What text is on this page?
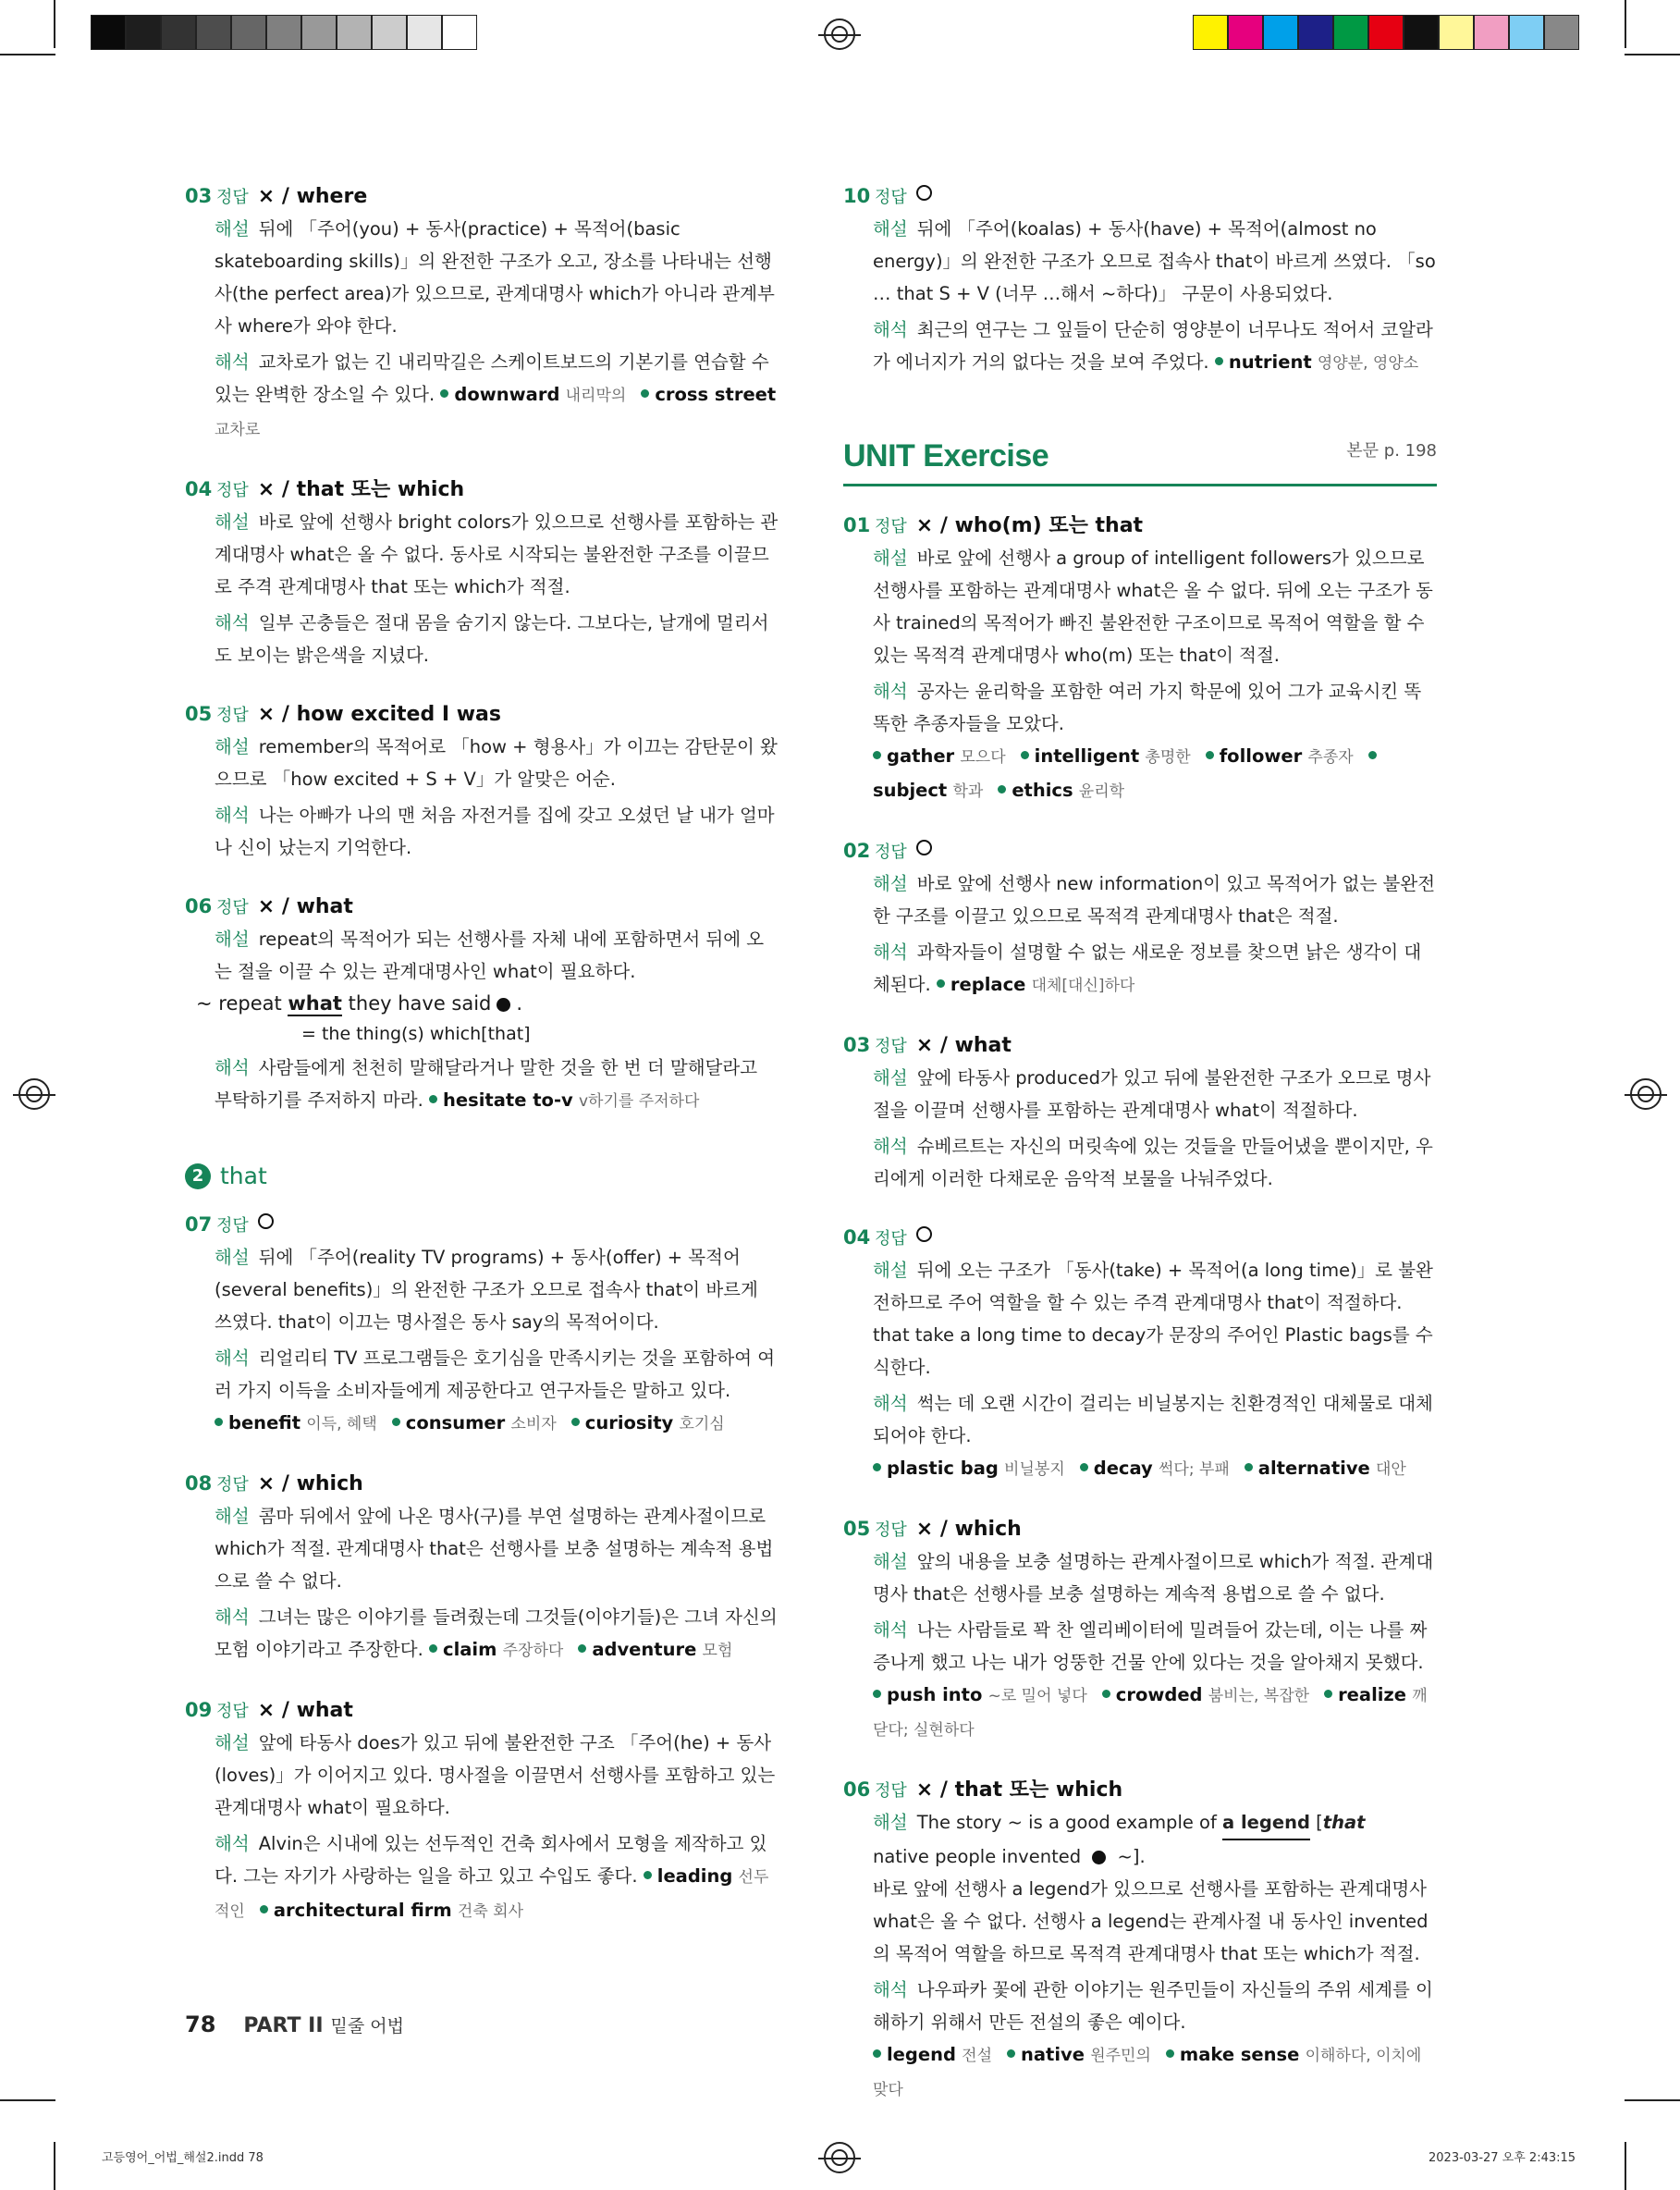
03 정답 × / where
해설 뒤에 「주어(you) + 동사(practice) + 목적어(basic skateboarding skills)」의 완전한 구조가 오고, 장소를 나타내는 선행사(the perfect area)가 있으므로, 관계대명사 which가 아니라 관계부사 where가 와야 한다.
해석 교차로가 없는 긴 내리막길은 스케이트보드의 기본기를 연습할 수 있는 완벽한 장소일 수 있다. downward 내리막의 cross street 교차로
04 정답 × / that 또는 which
해설 바로 앞에 선행사 bright colors가 있으므로 선행사를 포함하는 관계대명사 what은 올 수 없다. 동사로 시작되는 불완전한 구조를 이끌므로 주격 관계대명사 that 또는 which가 적절.
해석 일부 곤충들은 절대 몸을 숨기지 않는다. 그보다는, 날개에 멀리서도 보이는 밝은색을 지녔다.
05 정답 × / how excited I was
해설 remember의 목적어로 「how + 형용사」가 이끄는 감탄문이 왔으므로 「how excited + S + V」가 알맞은 어순.
해석 나는 아빠가 나의 맨 처음 자전거를 집에 갖고 오셨던 날 내가 얼마나 신이 났는지 기억한다.
06 정답 × / what
해설 repeat의 목적어가 되는 선행사를 자체 내에 포함하면서 뒤에 오는 절을 이끌 수 있는 관계대명사인 what이 필요하다.
~ repeat what they have said .
= the thing(s) which[that]
해석 사람들에게 천천히 말해달라거나 말한 것을 한 번 더 말해달라고 부탁하기를 주저하지 마라. hesitate to-v v하기를 주저하다
2 that
07 정답
해설 뒤에 「주어(reality TV programs) + 동사(offer) + 목적어(several benefits)」의 완전한 구조가 오므로 접속사 that이 바르게 쓰였다. that이 이끄는 명사절은 동사 say의 목적어이다.
해석 리얼리티 TV 프로그램들은 호기심을 만족시키는 것을 포함하여 여러 가지 이득을 소비자들에게 제공한다고 연구자들은 말하고 있다.
benefit 이득, 혜택 consumer 소비자 curiosity 호기심
08 정답 × / which
해설 콤마 뒤에서 앞에 나온 명사(구)를 부연 설명하는 관계사절이므로 which가 적절. 관계대명사 that은 선행사를 보충 설명하는 계속적 용법으로 쓸 수 없다.
해석 그녀는 많은 이야기를 들려줬는데 그것들(이야기들)은 그녀 자신의 모험 이야기라고 주장한다. claim 주장하다 adventure 모험
09 정답 × / what
해설 앞에 타동사 does가 있고 뒤에 불완전한 구조 「주어(he) + 동사(loves)」가 이어지고 있다. 명사절을 이끌면서 선행사를 포함하고 있는 관계대명사 what이 필요하다.
해석 Alvin은 시내에 있는 선두적인 건축 회사에서 모형을 제작하고 있다. 그는 자기가 사랑하는 일을 하고 있고 수입도 좋다. leading 선두적인 architectural firm 건축 회사
10 정답
해설 뒤에 「주어(koalas) + 동사(have) + 목적어(almost no energy)」의 완전한 구조가 오므로 접속사 that이 바르게 쓰였다. 「so … that S + V (너무 …해서 ~하다)」 구문이 사용되었다.
해석 최근의 연구는 그 잎들이 단순히 영양분이 너무나도 적어서 코알라가 에너지가 거의 없다는 것을 보여 주었다. nutrient 영양분, 영양소
UNIT Exercise	본문 p. 198
01 정답 × / who(m) 또는 that
해설 바로 앞에 선행사 a group of intelligent followers가 있으므로 선행사를 포함하는 관계대명사 what은 올 수 없다. 뒤에 오는 구조가 동사 trained의 목적어가 빠진 불완전한 구조이므로 목적어 역할을 할 수 있는 목적격 관계대명사 who(m) 또는 that이 적절.
해석 공자는 윤리학을 포함한 여러 가지 학문에 있어 그가 교육시킨 똑똑한 추종자들을 모았다.
gather 모으다 intelligent 총명한 follower 추종자subject 학과 ethics 윤리학
02 정답
해설 바로 앞에 선행사 new information이 있고 목적어가 없는 불완전한 구조를 이끌고 있으므로 목적격 관계대명사 that은 적절.
해석 과학자들이 설명할 수 없는 새로운 정보를 찾으면 낡은 생각이 대체된다. replace 대체[대신]하다
03 정답 × / what
해설 앞에 타동사 produced가 있고 뒤에 불완전한 구조가 오므로 명사절을 이끌며 선행사를 포함하는 관계대명사 what이 적절하다.
해석 슈베르트는 자신의 머릿속에 있는 것들을 만들어냈을 뿐이지만, 우리에게 이러한 다채로운 음악적 보물을 나눠주었다.
04 정답
해설 뒤에 오는 구조가 「동사(take) + 목적어(a long time)」로 불완전하므로 주어 역할을 할 수 있는 주격 관계대명사 that이 적절하다. that take a long time to decay가 문장의 주어인 Plastic bags를 수식한다.
해석 썩는 데 오랜 시간이 걸리는 비닐봉지는 친환경적인 대체물로 대체되어야 한다.
plastic bag 비닐봉지 decay 썩다; 부패 alternative 대안
05 정답 × / which
해설 앞의 내용을 보충 설명하는 관계사절이므로 which가 적절. 관계대명사 that은 선행사를 보충 설명하는 계속적 용법으로 쓸 수 없다.
해석 나는 사람들로 꽉 찬 엘리베이터에 밀려들어 갔는데, 이는 나를 짜증나게 했고 나는 내가 엉뚱한 건물 안에 있다는 것을 알아채지 못했다.
push into ~로 밀어 넣다 crowded 붐비는, 복잡한 realize 깨닫다; 실현하다
06 정답 × / that 또는 which
해설 The story ~ is a good example of a legend [that
native people invented  ~].
바로 앞에 선행사 a legend가 있으므로 선행사를 포함하는 관계대명사 what은 올 수 없다. 선행사 a legend는 관계사절 내 동사인 invented의 목적어 역할을 하므로 목적격 관계대명사 that 또는 which가 적절.
해석 나우파카 꽃에 관한 이야기는 원주민들이 자신들의 주위 세계를 이해하기 위해서 만든 전설의 좋은 예이다.
legend 전설 native 원주민의 make sense 이해하다, 이치에 맞다
78 PART II 밑줄 어법
고등영어_어법_해설2.indd 78	2023-03-27 오후 2:43:15
